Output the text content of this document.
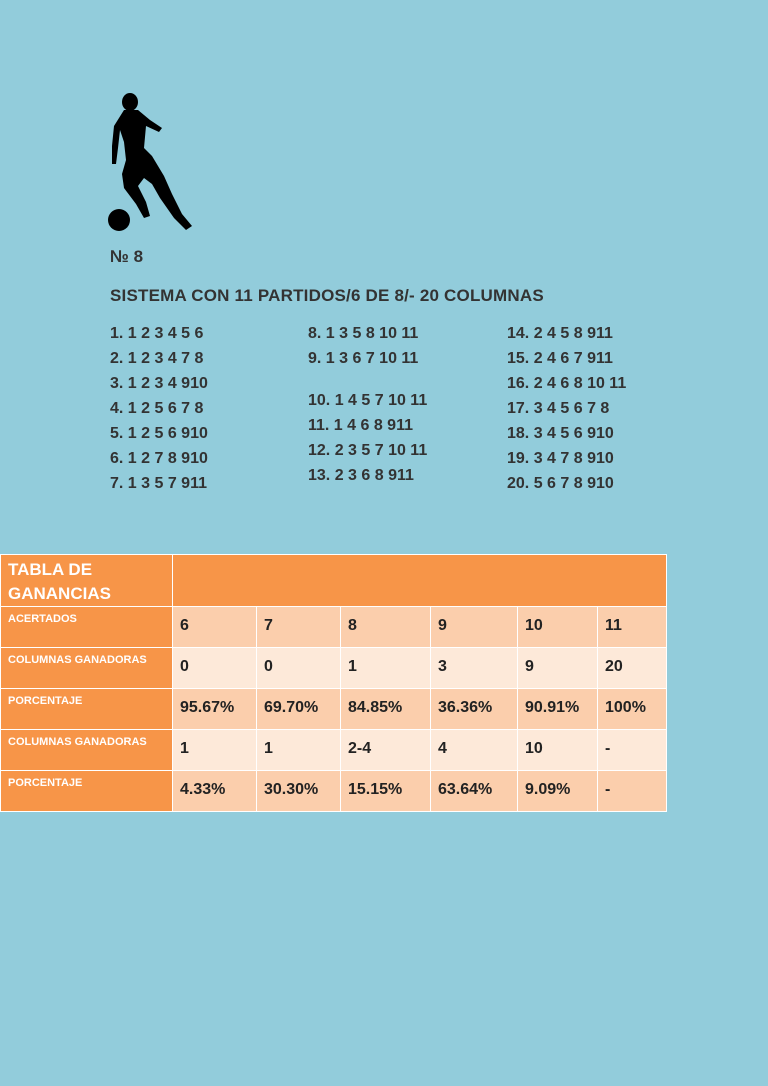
№ 8
SISTEMA CON 11 PARTIDOS/6 DE 8/- 20 COLUMNAS
1. 1 2 3 4 5 6
2. 1 2 3 4 7 8
3. 1 2 3 4 910
4. 1 2 5 6 7 8
5. 1 2 5 6 910
6. 1 2 7 8 910
7. 1 3 5 7 911
8. 1 3 5 8 10 11
9. 1 3 6 7 10 11
10. 1 4 5 7 10 11
11. 1 4 6 8 911
12. 2 3 5 7 10 11
13. 2 3 6 8 911
14. 2 4 5 8 911
15. 2 4 6 7 911
16. 2 4 6 8 10 11
17. 3 4 5 6 7 8
18. 3 4 5 6 910
19. 3 4 7 8 910
20. 5 6 7 8 910
TABLA DE GANANCIAS						
ACERTADOS	6	7	8	9	10	11
COLUMNAS GANADORAS	0	0	1	3	9	20
PORCENTAJE	95.67%	69.70%	84.85%	36.36%	90.91%	100%
COLUMNAS GANADORAS	1	1	2-4	4	10	-
PORCENTAJE	4.33%	30.30%	15.15%	63.64%	9.09%	-
